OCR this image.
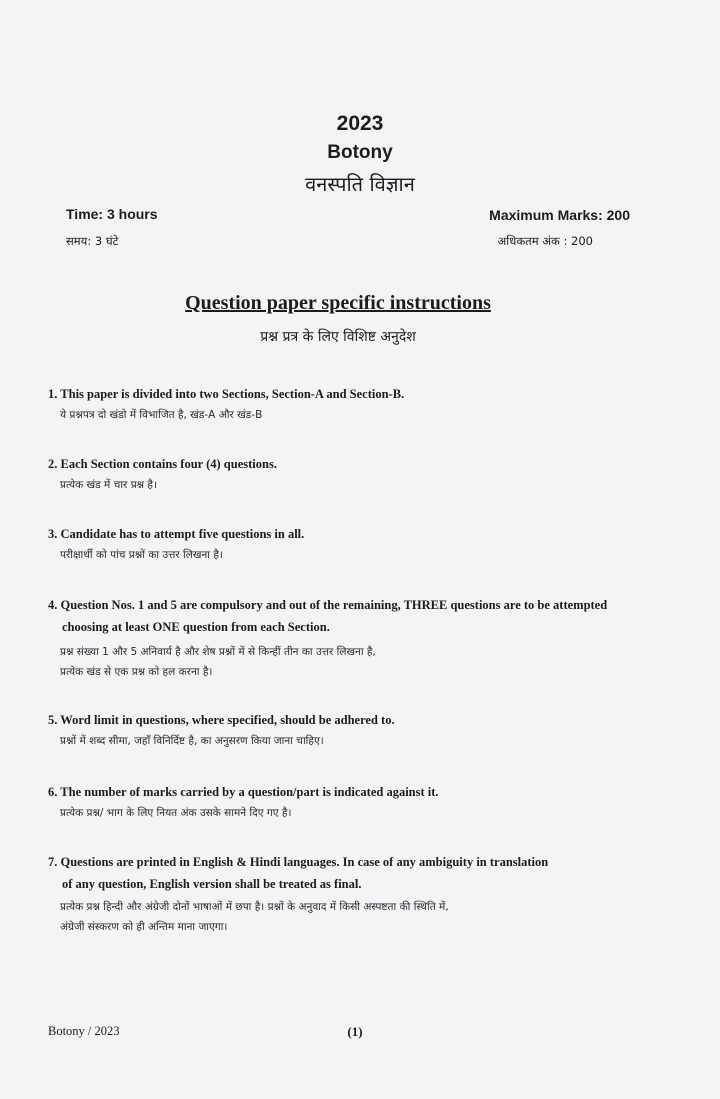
2023
Botony
वनस्पति विज्ञान
Time: 3 hours
समय: 3 घंटे
Maximum Marks: 200
अधिकतम अंक : 200
Question paper specific instructions
प्रश्न प्रत्र के लिए विशिष्ट अनुदेश

1. This paper is divided into two Sections, Section-A and Section-B.

ये प्रश्नपत्र दो खंडो में विभाजित है, खंड-A और खंड-B

2. Each Section contains four (4) questions.

प्रत्येक खंड में चार प्रश्न है।

3. Candidate has to attempt five questions in all.

परीक्षार्थी को पांच प्रश्नों का उत्तर लिखना है।

4. Question Nos. 1 and 5 are compulsory and out of the remaining, THREE questions are to be attempted
choosing at least ONE question from each Section.

प्रश्न संख्या 1 और 5 अनिवार्य है और शेष प्रश्नों में से किन्हीं तीन का उत्तर लिखना है,
प्रत्येक खंड से एक प्रश्न को हल करना है।

5. Word limit in questions, where specified, should be adhered to.

प्रश्नों में शब्द सीमा, जहाँ विनिर्दिष्ट है, का अनुसरण किया जाना चाहिए।

6. The number of marks carried by a question/part is indicated against it.

प्रत्येक प्रश्न/ भाग के लिए नियत अंक उसके सामने दिए गए है।

7. Questions are printed in English & Hindi languages. In case of any ambiguity in translation
of any question, English version shall be treated as final.

प्रत्येक प्रश्न हिन्दी और अंग्रेजी दोनों भाषाओं में छपा है। प्रश्नों के अनुवाद में किसी अस्पष्टता की स्थिति में,
अंग्रेजी संस्करण को ही अन्तिम माना जाएगा।

Botony / 2023	(1)
